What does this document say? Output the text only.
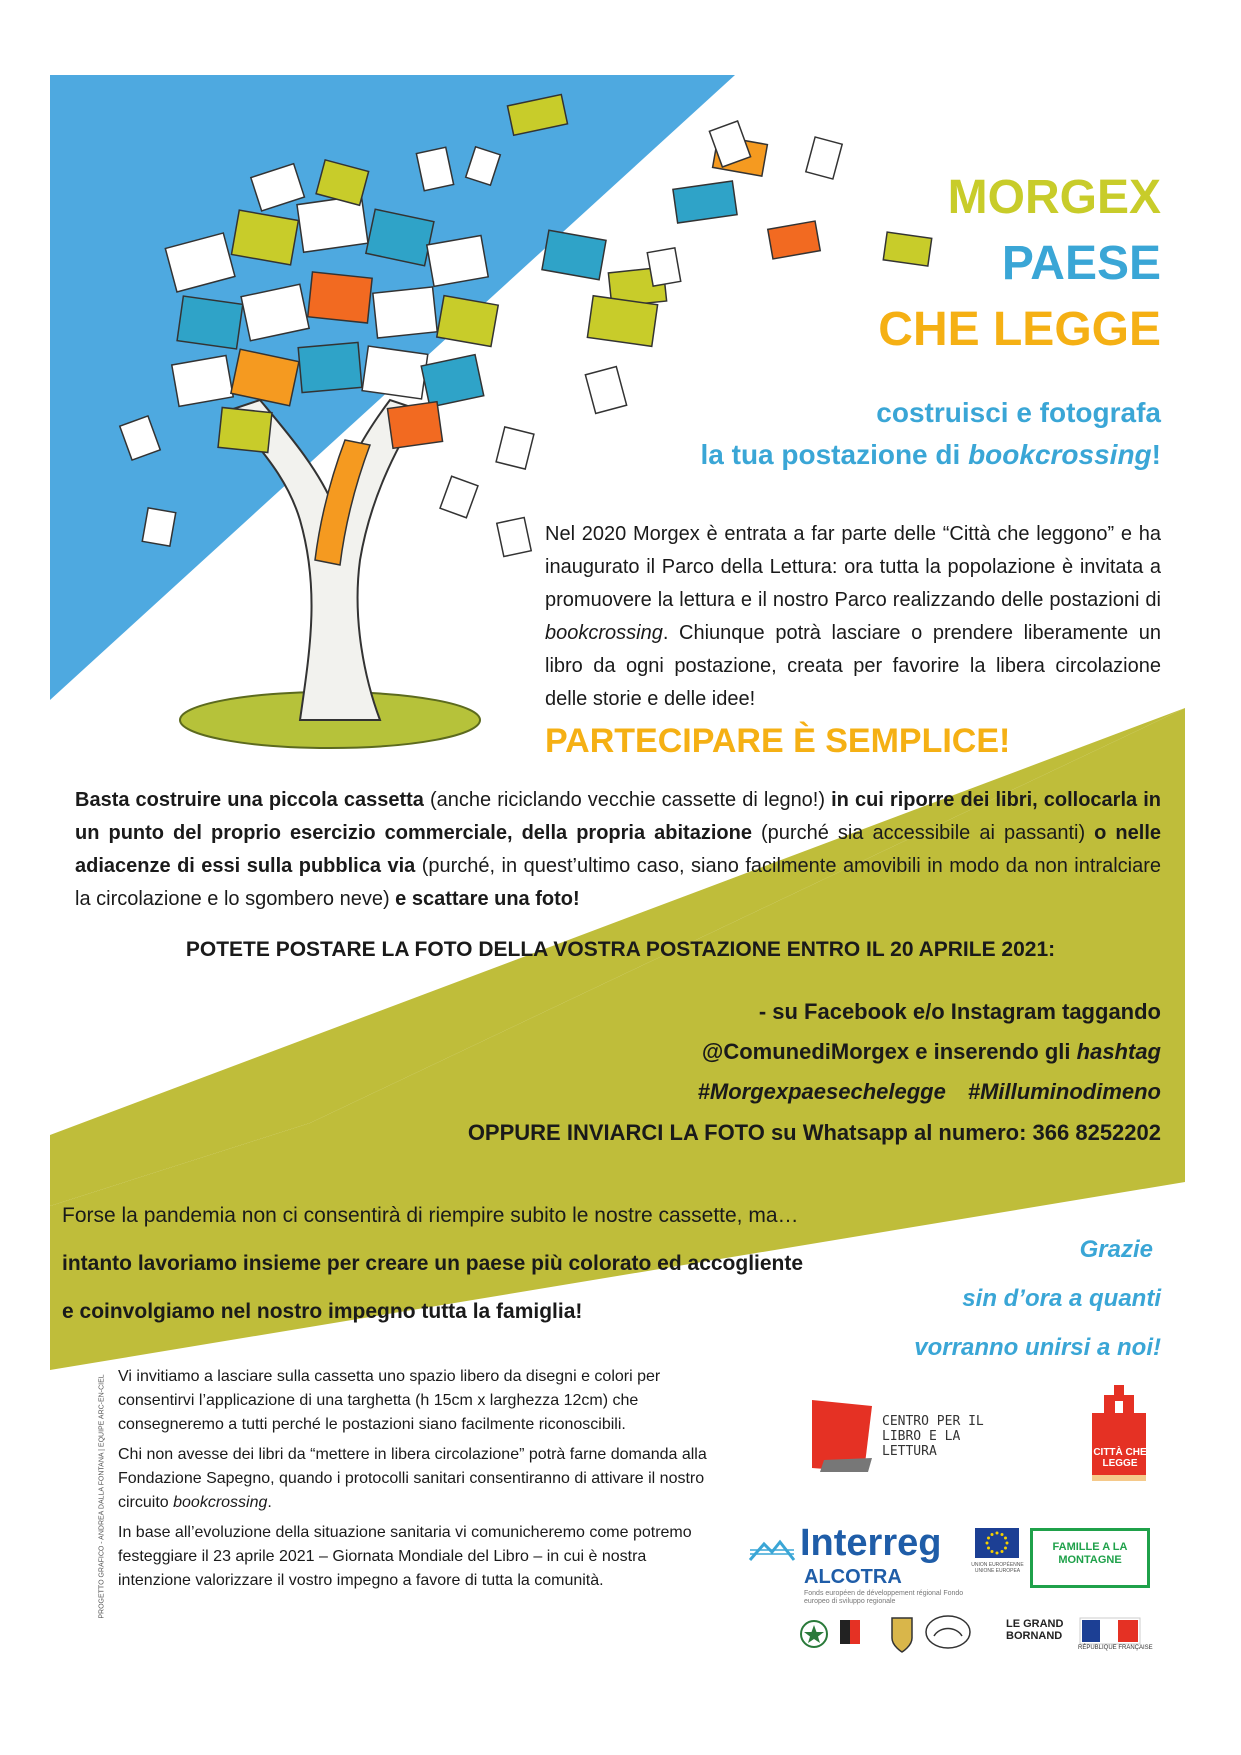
MORGEX
PAESE
CHE LEGGE
costruisci e fotografa
la tua postazione di bookcrossing!
Nel 2020 Morgex è entrata a far parte delle “Città che leggono” e ha inaugurato il Parco della Lettura: ora tutta la popolazione è invitata a promuovere la lettura e il nostro Parco realizzando delle postazioni di bookcrossing. Chiunque potrà lasciare o prendere liberamente un libro da ogni postazione, creata per favorire la libera circolazione delle storie e delle idee!
PARTECIPARE È SEMPLICE!
Basta costruire una piccola cassetta (anche riciclando vecchie cassette di legno!) in cui riporre dei libri, collocarla in un punto del proprio esercizio commerciale, della propria abitazione (purché sia accessibile ai passanti) o nelle adiacenze di essi sulla pubblica via (purché, in quest’ultimo caso, siano facilmente amovibili in modo da non intralciare la circolazione e lo sgombero neve) e scattare una foto!
POTETE POSTARE LA FOTO DELLA VOSTRA POSTAZIONE ENTRO IL 20 APRILE 2021:
- su Facebook e/o Instagram taggando
@ComunediMorgex e inserendo gli hashtag
#Morgexpaesechelegge #Milluminodimeno
OPPURE INVIARCI LA FOTO su Whatsapp al numero: 366 8252202
Forse la pandemia non ci consentirà di riempire subito le nostre cassette, ma…
intanto lavoriamo insieme per creare un paese più colorato ed accogliente
e coinvolgiamo nel nostro impegno tutta la famiglia!
Grazie
sin d’ora a quanti
vorranno unirsi a noi!
PROGETTO GRAFICO - ANDREA DALLA FONTANA | EQUIPE ARC-EN-CIEL Vi invitiamo a lasciare sulla cassetta uno spazio libero da disegni e colori per consentirvi l’applicazione di una targhetta (h 15cm x larghezza 12cm) che consegneremo a tutti perché le postazioni siano facilmente riconoscibili.

Chi non avesse dei libri da “mettere in libera circolazione” potrà farne domanda alla Fondazione Sapegno, quando i protocolli sanitari consentiranno di attivare il nostro circuito bookcrossing.

In base all’evoluzione della situazione sanitaria vi comunicheremo come potremo festeggiare il 23 aprile 2021 – Giornata Mondiale del Libro – in cui è nostra intenzione valorizzare il vostro impegno a favore di tutta la comunità.

CENTRO PER IL LIBRO E LA LETTURA	CITTÀ CHE LEGGE
Interreg
ALCOTRA
Fonds européen de développement régional Fondo europeo di sviluppo regionale
UNION EUROPÉENNE UNIONE EUROPEA
FAMILLE A LA MONTAGNE
LE GRAND BORNAND
RÉPUBLIQUE FRANÇAISE
